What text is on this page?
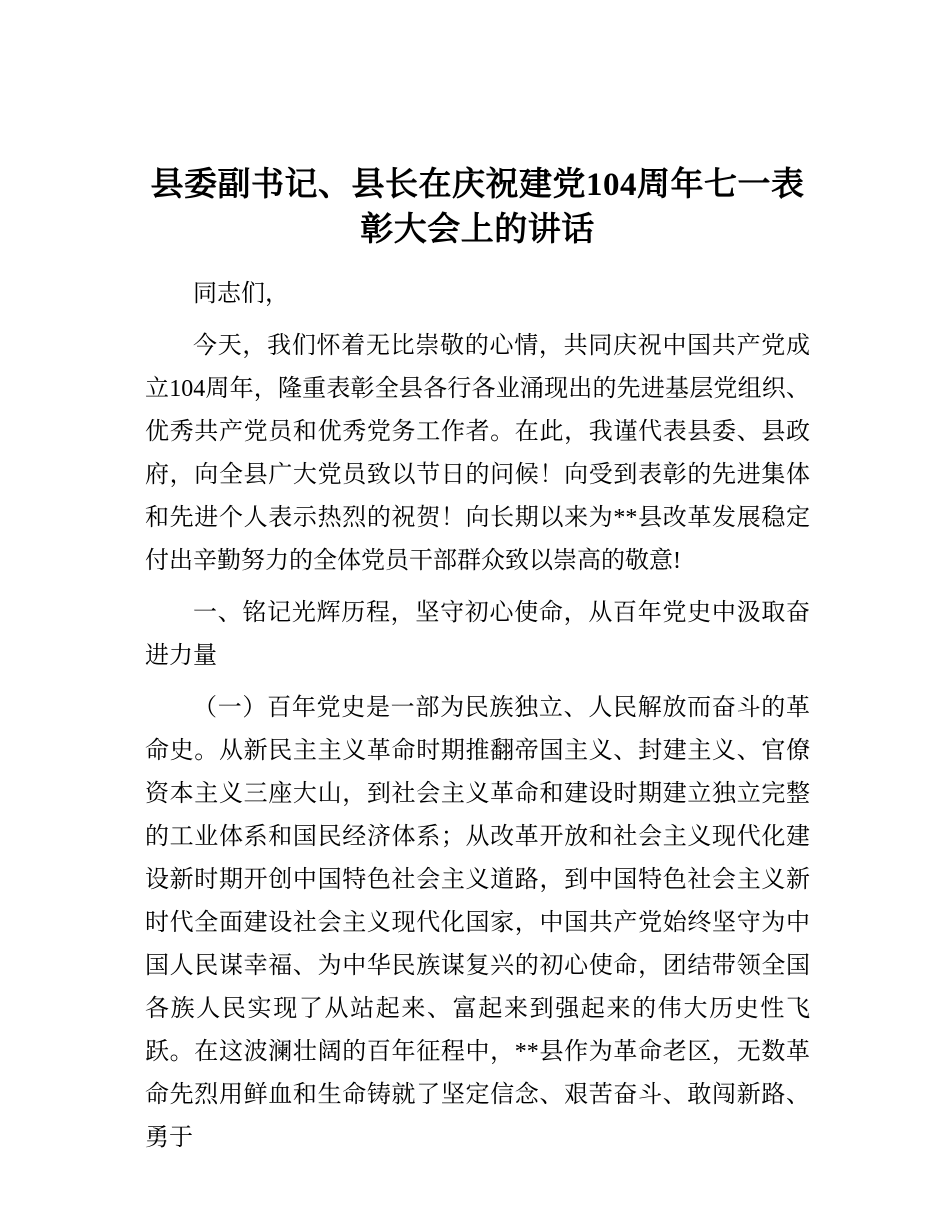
县委副书记、县长在庆祝建党104周年七一表
彰大会上的讲话

同志们，

今天，我们怀着无比崇敬的心情，共同庆祝中国共产党成立104周年，隆重表彰全县各行各业涌现出的先进基层党组织、优秀共产党员和优秀党务工作者。在此，我谨代表县委、县政府，向全县广大党员致以节日的问候！向受到表彰的先进集体和先进个人表示热烈的祝贺！向长期以来为**县改革发展稳定付出辛勤努力的全体党员干部群众致以崇高的敬意!

一、铭记光辉历程，坚守初心使命，从百年党史中汲取奋进力量

（一）百年党史是一部为民族独立、人民解放而奋斗的革命史。从新民主主义革命时期推翻帝国主义、封建主义、官僚资本主义三座大山，到社会主义革命和建设时期建立独立完整的工业体系和国民经济体系；从改革开放和社会主义现代化建设新时期开创中国特色社会主义道路，到中国特色社会主义新时代全面建设社会主义现代化国家，中国共产党始终坚守为中国人民谋幸福、为中华民族谋复兴的初心使命，团结带领全国各族人民实现了从站起来、富起来到强起来的伟大历史性飞跃。在这波澜壮阔的百年征程中，**县作为革命老区，无数革命先烈用鲜血和生命铸就了坚定信念、艰苦奋斗、敢闯新路、勇于
